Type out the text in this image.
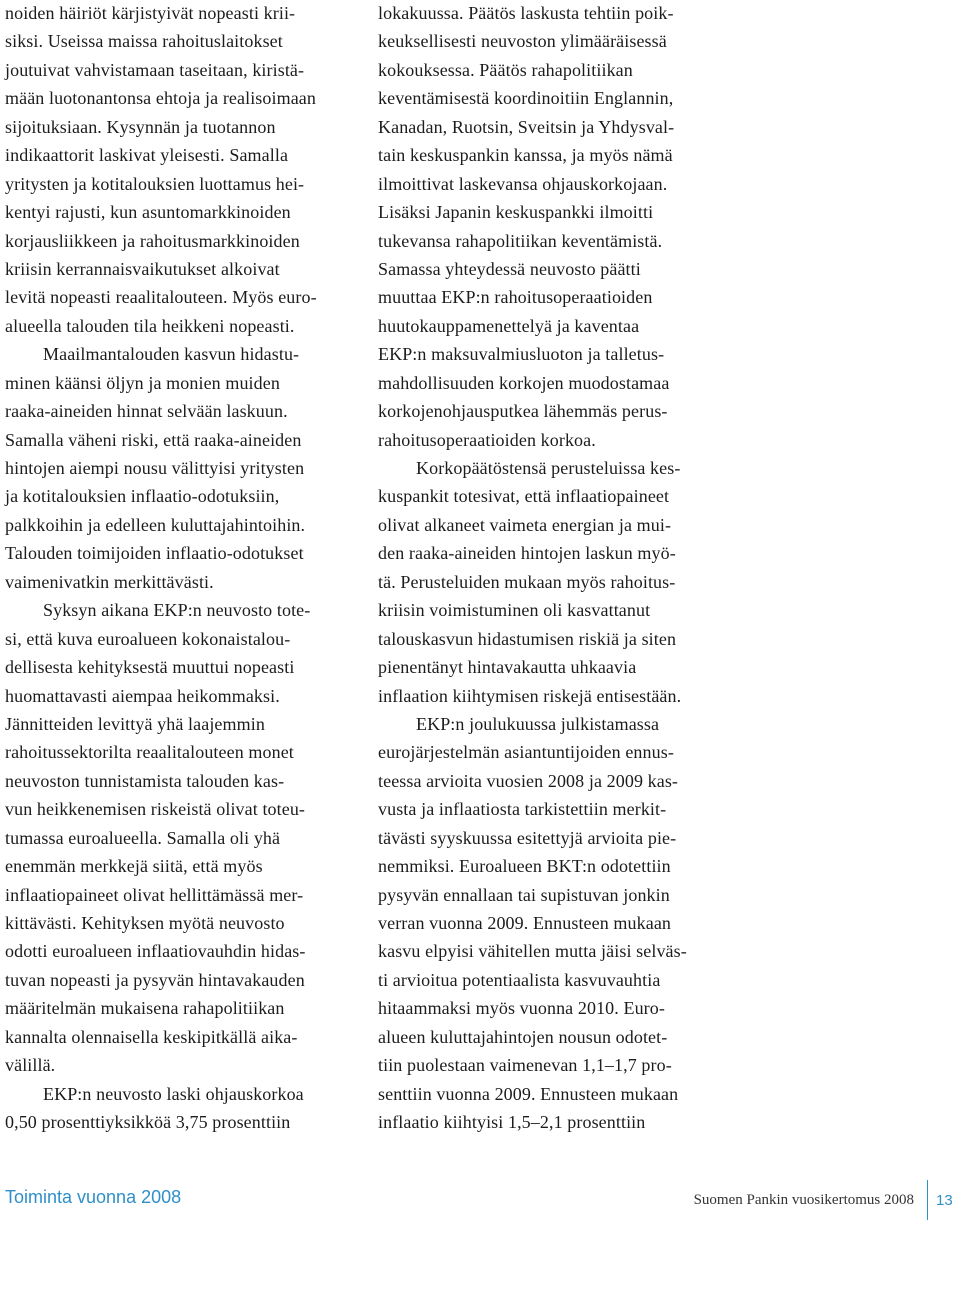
noiden häiriöt kärjistyivät nopeasti krii-
siksi. Useissa maissa rahoituslaitokset
joutuivat vahvistamaan taseitaan, kiristä-
mään luotonantonsa ehtoja ja realisoimaan
sijoituksiaan. Kysynnän ja tuotannon
indikaattorit laskivat yleisesti. Samalla
yritysten ja kotitalouksien luottamus hei-
kentyi rajusti, kun asuntomarkkinoiden
korjausliikkeen ja rahoitusmarkkinoiden
kriisin kerrannaisvaikutukset alkoivat
levitä nopeasti reaalitalouteen. Myös euro-
alueella talouden tila heikkeni nopeasti.
Maailmantalouden kasvun hidastu-
minen käänsi öljyn ja monien muiden
raaka-aineiden hinnat selvään laskuun.
Samalla väheni riski, että raaka-aineiden
hintojen aiempi nousu välittyisi yritysten
ja kotitalouksien inflaatio-odotuksiin,
palkkoihin ja edelleen kuluttajahintoihin.
Talouden toimijoiden inflaatio-odotukset
vaimenivatkin merkittävästi.
Syksyn aikana EKP:n neuvosto tote-
si, että kuva euroalueen kokonaistalou-
dellisesta kehityksestä muuttui nopeasti
huomattavasti aiempaa heikommaksi.
Jännitteiden levittyä yhä laajemmin
rahoitussektorilta reaalitalouteen monet
neuvoston tunnistamista talouden kas-
vun heikkenemisen riskeistä olivat toteu-
tumassa euroalueella. Samalla oli yhä
enemmän merkkejä siitä, että myös
inflaatiopaineet olivat hellittämässä mer-
kittävästi. Kehityksen myötä neuvosto
odotti euroalueen inflaatiovauhdin hidas-
tuvan nopeasti ja pysyvän hintavakauden
määritelmän mukaisena rahapolitiikan
kannalta olennaisella keskipitkällä aika-
välillä.
EKP:n neuvosto laski ohjauskorkoa
0,50 prosenttiyksikköä 3,75 prosenttiin
lokakuussa. Päätös laskusta tehtiin poik-
keuksellisesti neuvoston ylimääräisessä
kokouksessa. Päätös rahapolitiikan
keventämisestä koordinoitiin Englannin,
Kanadan, Ruotsin, Sveitsin ja Yhdysval-
tain keskuspankin kanssa, ja myös nämä
ilmoittivat laskevansa ohjauskorkojaan.
Lisäksi Japanin keskuspankki ilmoitti
tukevansa rahapolitiikan keventämistä.
Samassa yhteydessä neuvosto päätti
muuttaa EKP:n rahoitusoperaatioiden
huutokauppamenettelyä ja kaventaa
EKP:n maksuvalmiusluoton ja talletus-
mahdollisuuden korkojen muodostamaa
korkojenohjausputkea lähemmäs perus-
rahoitusoperaatioiden korkoa.
Korkopäätöstensä perusteluissa kes-
kuspankit totesivat, että inflaatiopaineet
olivat alkaneet vaimeta energian ja mui-
den raaka-aineiden hintojen laskun myö-
tä. Perusteluiden mukaan myös rahoitus-
kriisin voimistuminen oli kasvattanut
talouskasvun hidastumisen riskiä ja siten
pienentänyt hintavakautta uhkaavia
inflaation kiihtymisen riskejä entisestään.
EKP:n joulukuussa julkistamassa
eurojärjestelmän asiantuntijoiden ennus-
teessa arvioita vuosien 2008 ja 2009 kas-
vusta ja inflaatiosta tarkistettiin merkit-
tävästi syyskuussa esitettyjä arvioita pie-
nemmiksi. Euroalueen BKT:n odotettiin
pysyvän ennallaan tai supistuvan jonkin
verran vuonna 2009. Ennusteen mukaan
kasvu elpyisi vähitellen mutta jäisi selväs-
ti arvioitua potentiaalista kasvuvauhtia
hitaammaksi myös vuonna 2010. Euro-
alueen kuluttajahintojen nousun odotet-
tiin puolestaan vaimenevan 1,1–1,7 pro-
senttiin vuonna 2009. Ennusteen mukaan
inflaatio kiihtyisi 1,5–2,1 prosenttiin
Toiminta vuonna 2008	Suomen Pankin vuosikertomus 2008 13
